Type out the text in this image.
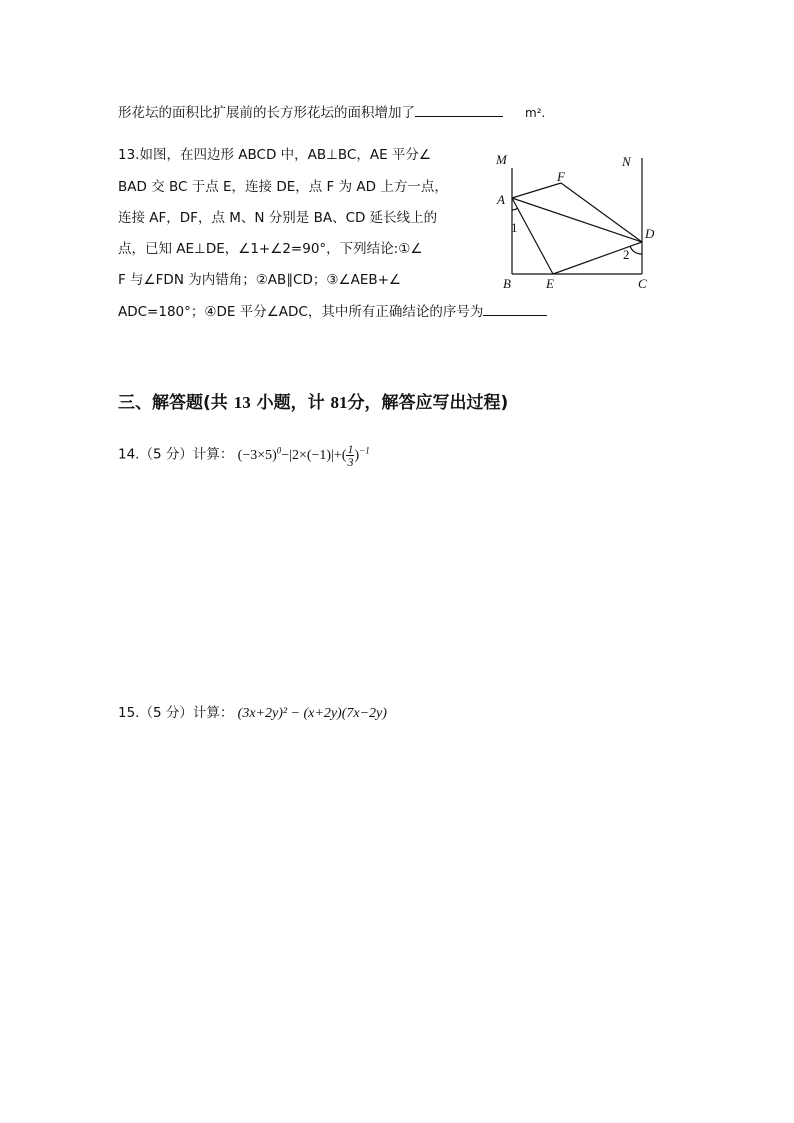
形花坛的面积比扩展前的长方形花坛的面积增加了	m².
13.如图，在四边形 ABCD 中，AB⊥BC，AE 平分∠
BAD 交 BC 于点 E，连接 DE，点 F 为 AD 上方一点，
连接 AF，DF，点 M、N 分别是 BA、CD 延长线上的
点，已知 AE⊥DE，∠1+∠2=90°，下列结论:①∠
F 与∠FDN 为内错角；②AB∥CD；③∠AEB+∠
ADC=180°；④DE 平分∠ADC，其中所有正确结论的序号为
M	N
F
A
D
1
2
B	E	C
三、解答题(共 13 小题，计 81分，解答应写出过程)
14.（5 分）计算： $(-3\times 5)^0-|2\times(-1)|+( \frac{1}{3} )^{-1}$
15.（5 分）计算： (3x+2y)² − (x+2y)(7x−2y)
